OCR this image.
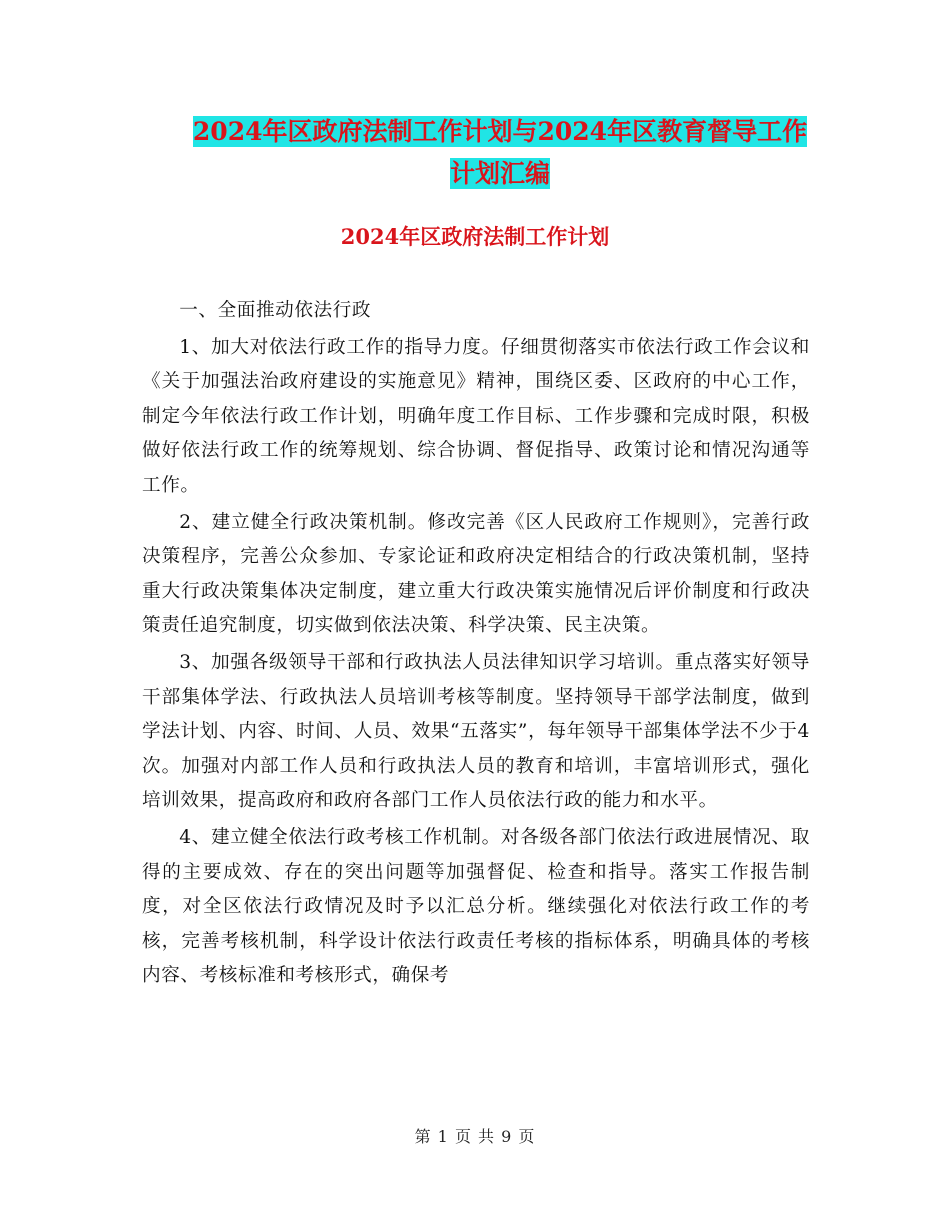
2024年区政府法制工作计划与2024年区教育督导工作
计划汇编
2024年区政府法制工作计划

一、全面推动依法行政

1、加大对依法行政工作的指导力度。仔细贯彻落实市依法行政工作会议和《关于加强法治政府建设的实施意见》精神，围绕区委、区政府的中心工作，制定今年依法行政工作计划，明确年度工作目标、工作步骤和完成时限，积极做好依法行政工作的统筹规划、综合协调、督促指导、政策讨论和情况沟通等工作。

2、建立健全行政决策机制。修改完善《区人民政府工作规则》，完善行政决策程序，完善公众参加、专家论证和政府决定相结合的行政决策机制，坚持重大行政决策集体决定制度，建立重大行政决策实施情况后评价制度和行政决策责任追究制度，切实做到依法决策、科学决策、民主决策。

3、加强各级领导干部和行政执法人员法律知识学习培训。重点落实好领导干部集体学法、行政执法人员培训考核等制度。坚持领导干部学法制度，做到学法计划、内容、时间、人员、效果“五落实”，每年领导干部集体学法不少于4次。加强对内部工作人员和行政执法人员的教育和培训，丰富培训形式，强化培训效果，提高政府和政府各部门工作人员依法行政的能力和水平。

4、建立健全依法行政考核工作机制。对各级各部门依法行政进展情况、取得的主要成效、存在的突出问题等加强督促、检查和指导。落实工作报告制度，对全区依法行政情况及时予以汇总分析。继续强化对依法行政工作的考核，完善考核机制，科学设计依法行政责任考核的指标体系，明确具体的考核内容、考核标准和考核形式，确保考

第 1 页 共 9 页
